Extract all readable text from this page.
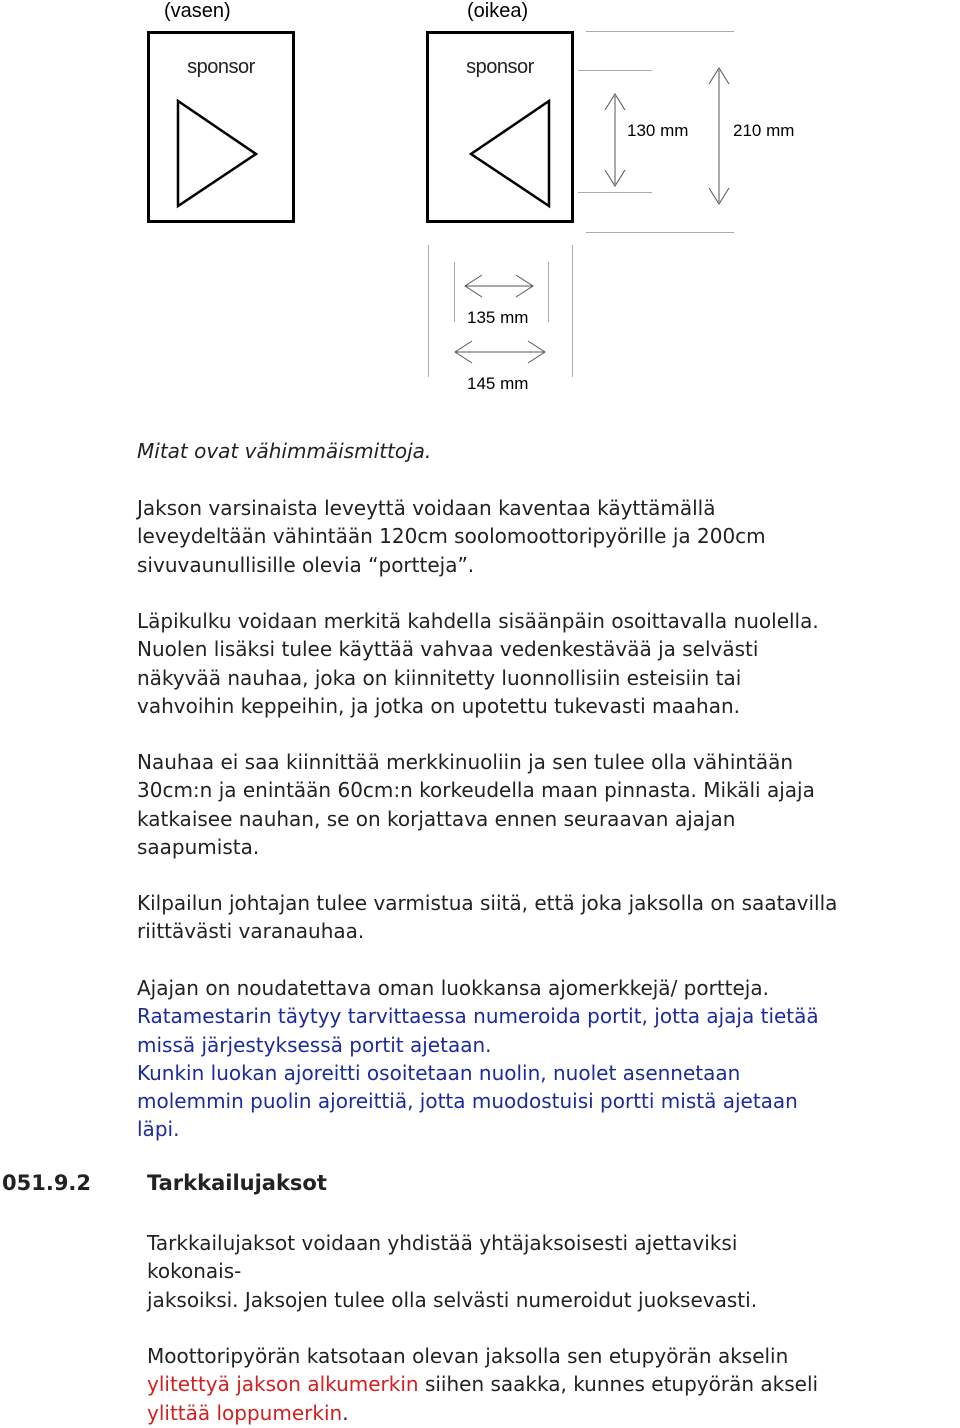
(vasen)	(oikea)
sponsor	sponsor
130 mm	210 mm
135 mm
145 mm

Mitat ovat vähimmäismittoja.

Jakson varsinaista leveyttä voidaan kaventaa käyttämällä
leveydeltään vähintään 120cm soolomoottoripyörille ja 200cm
sivuvaunullisille olevia “portteja”.

Läpikulku voidaan merkitä kahdella sisäänpäin osoittavalla nuolella.
Nuolen lisäksi tulee käyttää vahvaa vedenkestävää ja selvästi
näkyvää nauhaa, joka on kiinnitetty luonnollisiin esteisiin tai
vahvoihin keppeihin, ja jotka on upotettu tukevasti maahan.

Nauhaa ei saa kiinnittää merkkinuoliin ja sen tulee olla vähintään
30cm:n ja enintään 60cm:n korkeudella maan pinnasta. Mikäli ajaja
katkaisee nauhan, se on korjattava ennen seuraavan ajajan
saapumista.

Kilpailun johtajan tulee varmistua siitä, että joka jaksolla on saatavilla
riittävästi varanauhaa.

Ajajan on noudatettava oman luokkansa ajomerkkejä/ portteja.
Ratamestarin täytyy tarvittaessa numeroida portit, jotta ajaja tietää
missä järjestyksessä portit ajetaan.
Kunkin luokan ajoreitti osoitetaan nuolin, nuolet asennetaan
molemmin puolin ajoreittiä, jotta muodostuisi portti mistä ajetaan
läpi.
051.9.2	Tarkkailujaksot

Tarkkailujaksot voidaan yhdistää yhtäjaksoisesti ajettaviksi
kokonais-
jaksoiksi. Jaksojen tulee olla selvästi numeroidut juoksevasti.

Moottoripyörän katsotaan olevan jaksolla sen etupyörän akselin
ylitettyä jakson alkumerkin siihen saakka, kunnes etupyörän akseli
ylittää loppumerkin.
